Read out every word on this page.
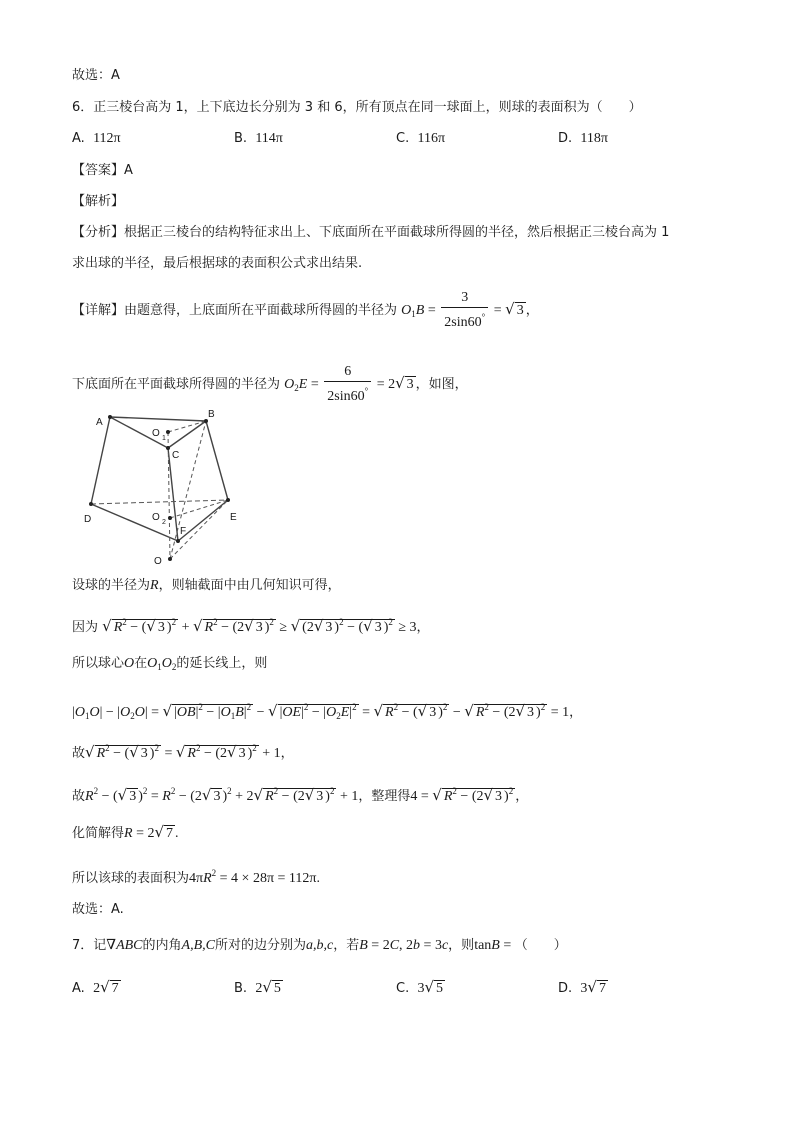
故选：A
6．正三棱台高为 1，上下底边长分别为 3 和 6，所有顶点在同一球面上，则球的表面积为（　　）
A. 112π	B. 114π	C. 116π	D. 118π
【答案】A
【解析】
【分析】根据正三棱台的结构特征求出上、下底面所在平面截球所得圆的半径，然后根据正三棱台高为 1
求出球的半径，最后根据球的表面积公式求出结果.
【详解】由题意得，上底面所在平面截球所得圆的半径为 $O_1B = \frac{3}{2\sin 60^\circ}$ = √ 3 ，
下底面所在平面截球所得圆的半径为 $O_2E = \frac{6}{2\sin 60^\circ} = 2√$ 3 ，如图，
A
B
O 1
C
D	E
O 2
F
O
设球的半径为R，则轴截面中由几何知识可得，
因为 √ $R^2$ − (√ 3 )$^2$ + √ $R^2 - (2√$ 3 )$^2$ ≥ √ (2√ 3 )$^2$ − (√ 3 )$^2$ ≥ 3，
所以球心O在$O_1O_2$的延长线上，则
$|O_1O| - |O_2O|$ = √ $|OB|^2 - |O_1B|^2$ − √ $|OE|^2 - |O_2E|^2$ = √ $R^2$ − (√ 3 )$^2$ − √ $R^2 - (2√$ 3 )$^2$ = 1，
故√ $R^2$ − (√ 3 )$^2$ = √ $R^2 - (2√$ 3 )$^2$ + 1，
故$R^2$ − (√ 3 )$^2 = R^2 - (2√$ 3 )$^2$ + 2√ $R^2 - (2√$ 3 )$^2$ + 1，整理得4 = √ $R^2 - (2√$ 3 )$^2$ ，
化简解得R = 2√ 7 .
所以该球的表面积为$4\pi R^2 = 4 \times 28\pi = 112\pi$.
故选：A.
7．记∇ABC的内角A,B,C所对的边分别为a,b,c，若B = 2C, 2b = 3c，则tanB = （　　）
A. 2√ 7	B. 2√ 5	C. 3√ 5	D. 3√ 7
